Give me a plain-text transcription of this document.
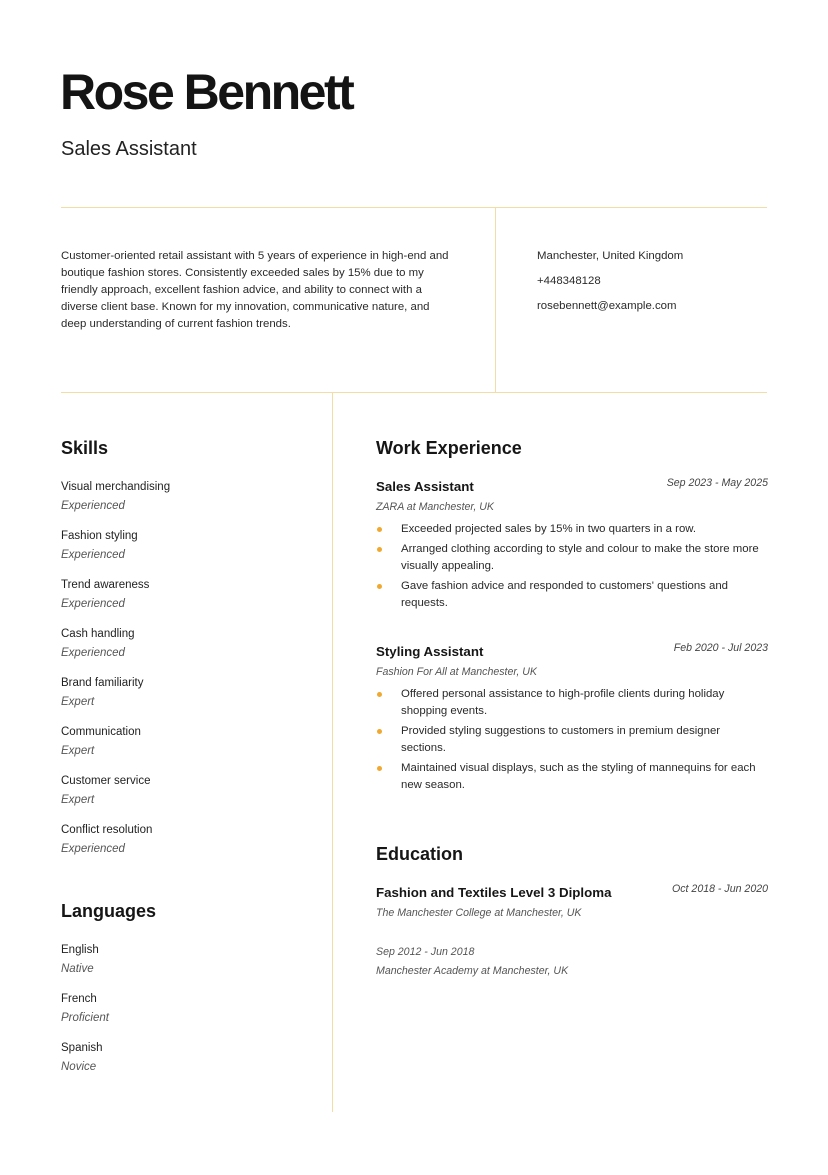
Rose Bennett
Sales Assistant
Customer-oriented retail assistant with 5 years of experience in high-end and boutique fashion stores. Consistently exceeded sales by 15% due to my friendly approach, excellent fashion advice, and ability to connect with a diverse client base. Known for my innovation, communicative nature, and deep understanding of current fashion trends.
Manchester, United Kingdom
+448348128
rosebennett@example.com
Skills
Visual merchandising
Experienced
Fashion styling
Experienced
Trend awareness
Experienced
Cash handling
Experienced
Brand familiarity
Expert
Communication
Expert
Customer service
Expert
Conflict resolution
Experienced
Languages
English
Native
French
Proficient
Spanish
Novice
Work Experience
Sales Assistant	Sep 2023 - May 2025
ZARA at Manchester, UK
Exceeded projected sales by 15% in two quarters in a row.
Arranged clothing according to style and colour to make the store more visually appealing.
Gave fashion advice and responded to customers' questions and requests.
Styling Assistant	Feb 2020 - Jul 2023
Fashion For All at Manchester, UK
Offered personal assistance to high-profile clients during holiday shopping events.
Provided styling suggestions to customers in premium designer sections.
Maintained visual displays, such as the styling of mannequins for each new season.
Education
Fashion and Textiles Level 3 Diploma	Oct 2018 - Jun 2020
The Manchester College at Manchester, UK
Sep 2012 - Jun 2018
Manchester Academy at Manchester, UK
